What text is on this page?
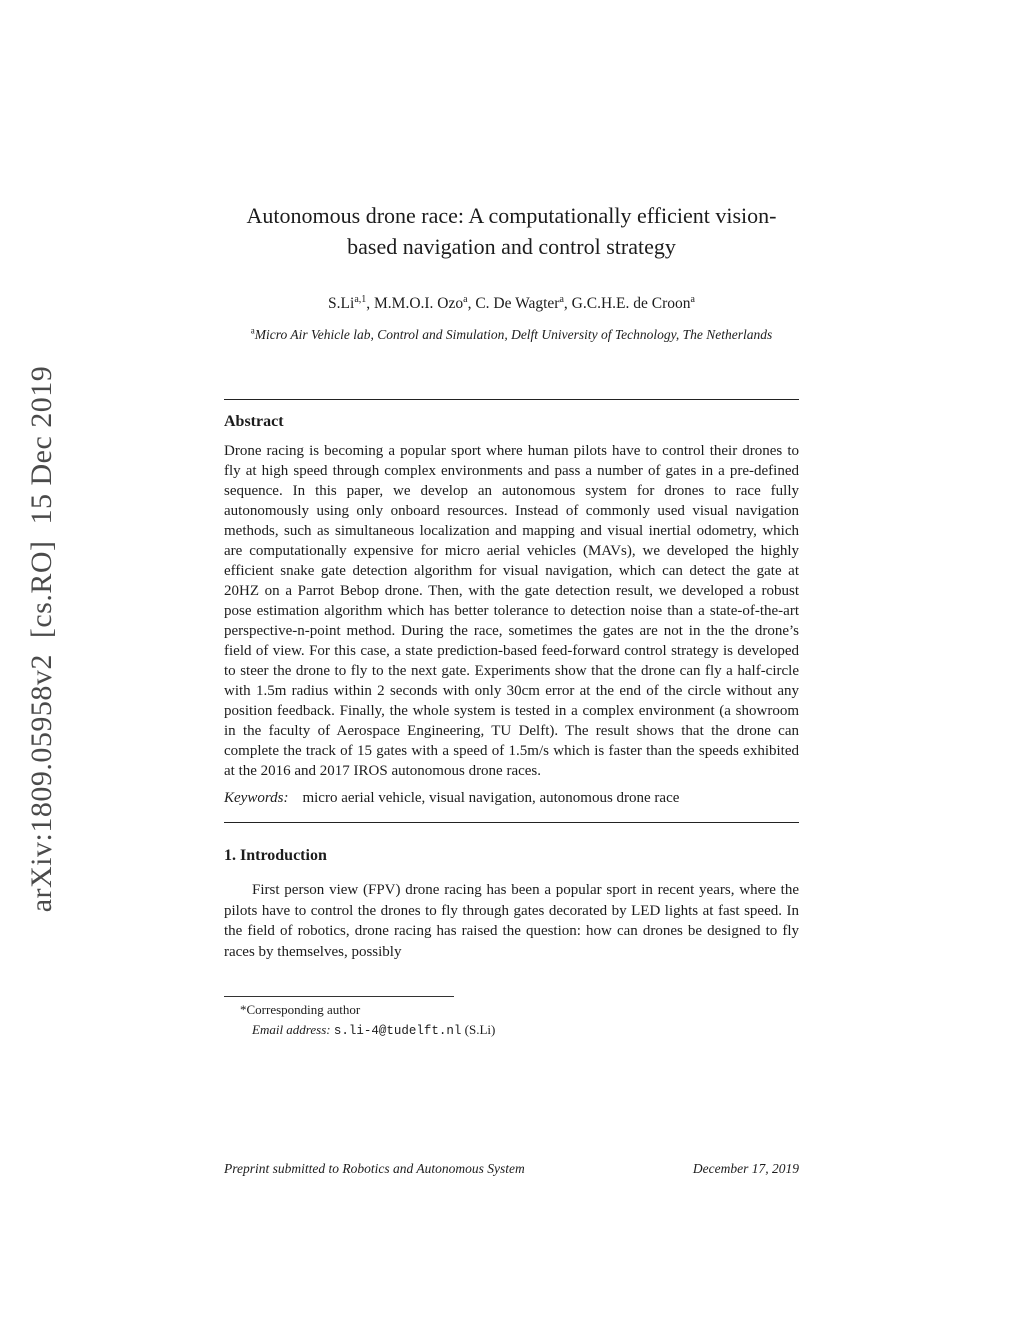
arXiv:1809.05958v2  [cs.RO]  15 Dec 2019
Autonomous drone race: A computationally efficient vision-based navigation and control strategy
S.Li$^{a,1}$, M.M.O.I. Ozo$^a$, C. De Wagter$^a$, G.C.H.E. de Croon$^a$
$^a$Micro Air Vehicle lab, Control and Simulation, Delft University of Technology, The Netherlands
Abstract

Drone racing is becoming a popular sport where human pilots have to control their drones to fly at high speed through complex environments and pass a number of gates in a pre-defined sequence. In this paper, we develop an autonomous system for drones to race fully autonomously using only onboard resources. Instead of commonly used visual navigation methods, such as simultaneous localization and mapping and visual inertial odometry, which are computationally expensive for micro aerial vehicles (MAVs), we developed the highly efficient snake gate detection algorithm for visual navigation, which can detect the gate at 20HZ on a Parrot Bebop drone. Then, with the gate detection result, we developed a robust pose estimation algorithm which has better tolerance to detection noise than a state-of-the-art perspective-n-point method. During the race, sometimes the gates are not in the the drone’s field of view. For this case, a state prediction-based feed-forward control strategy is developed to steer the drone to fly to the next gate. Experiments show that the drone can fly a half-circle with 1.5m radius within 2 seconds with only 30cm error at the end of the circle without any position feedback. Finally, the whole system is tested in a complex environment (a showroom in the faculty of Aerospace Engineering, TU Delft). The result shows that the drone can complete the track of 15 gates with a speed of 1.5m/s which is faster than the speeds exhibited at the 2016 and 2017 IROS autonomous drone races.

Keywords: micro aerial vehicle, visual navigation, autonomous drone race
1. Introduction

First person view (FPV) drone racing has been a popular sport in recent years, where the pilots have to control the drones to fly through gates decorated by LED lights at fast speed. In the field of robotics, drone racing has raised the question: how can drones be designed to fly races by themselves, possibly

*Corresponding author
Email address: s.li-4@tudelft.nl (S.Li)
Preprint submitted to Robotics and Autonomous System	December 17, 2019
